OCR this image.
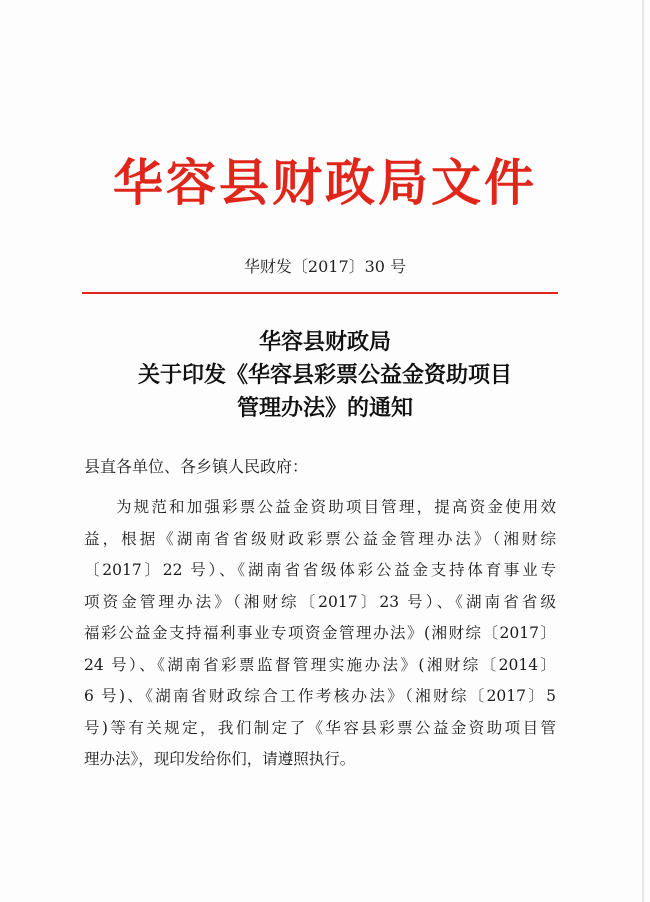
华容县财政局文件
华财发〔2017〕30 号
华容县财政局
关于印发《华容县彩票公益金资助项目
管理办法》的通知
县直各单位、各乡镇人民政府：
为规范和加强彩票公益金资助项目管理，提高资金使用效
益，根据《湖南省省级财政彩票公益金管理办法》（湘财综
〔2017〕22 号）、《湖南省省级体彩公益金支持体育事业专
项资金管理办法》（湘财综〔2017〕23 号）、《湖南省省级
福彩公益金支持福利事业专项资金管理办法》(湘财综〔2017〕
24 号）、《湖南省彩票监督管理实施办法》(湘财综〔2014〕
6 号)、《湖南省财政综合工作考核办法》（湘财综〔2017〕5
号)等有关规定，我们制定了《华容县彩票公益金资助项目管
理办法》，现印发给你们，请遵照执行。
